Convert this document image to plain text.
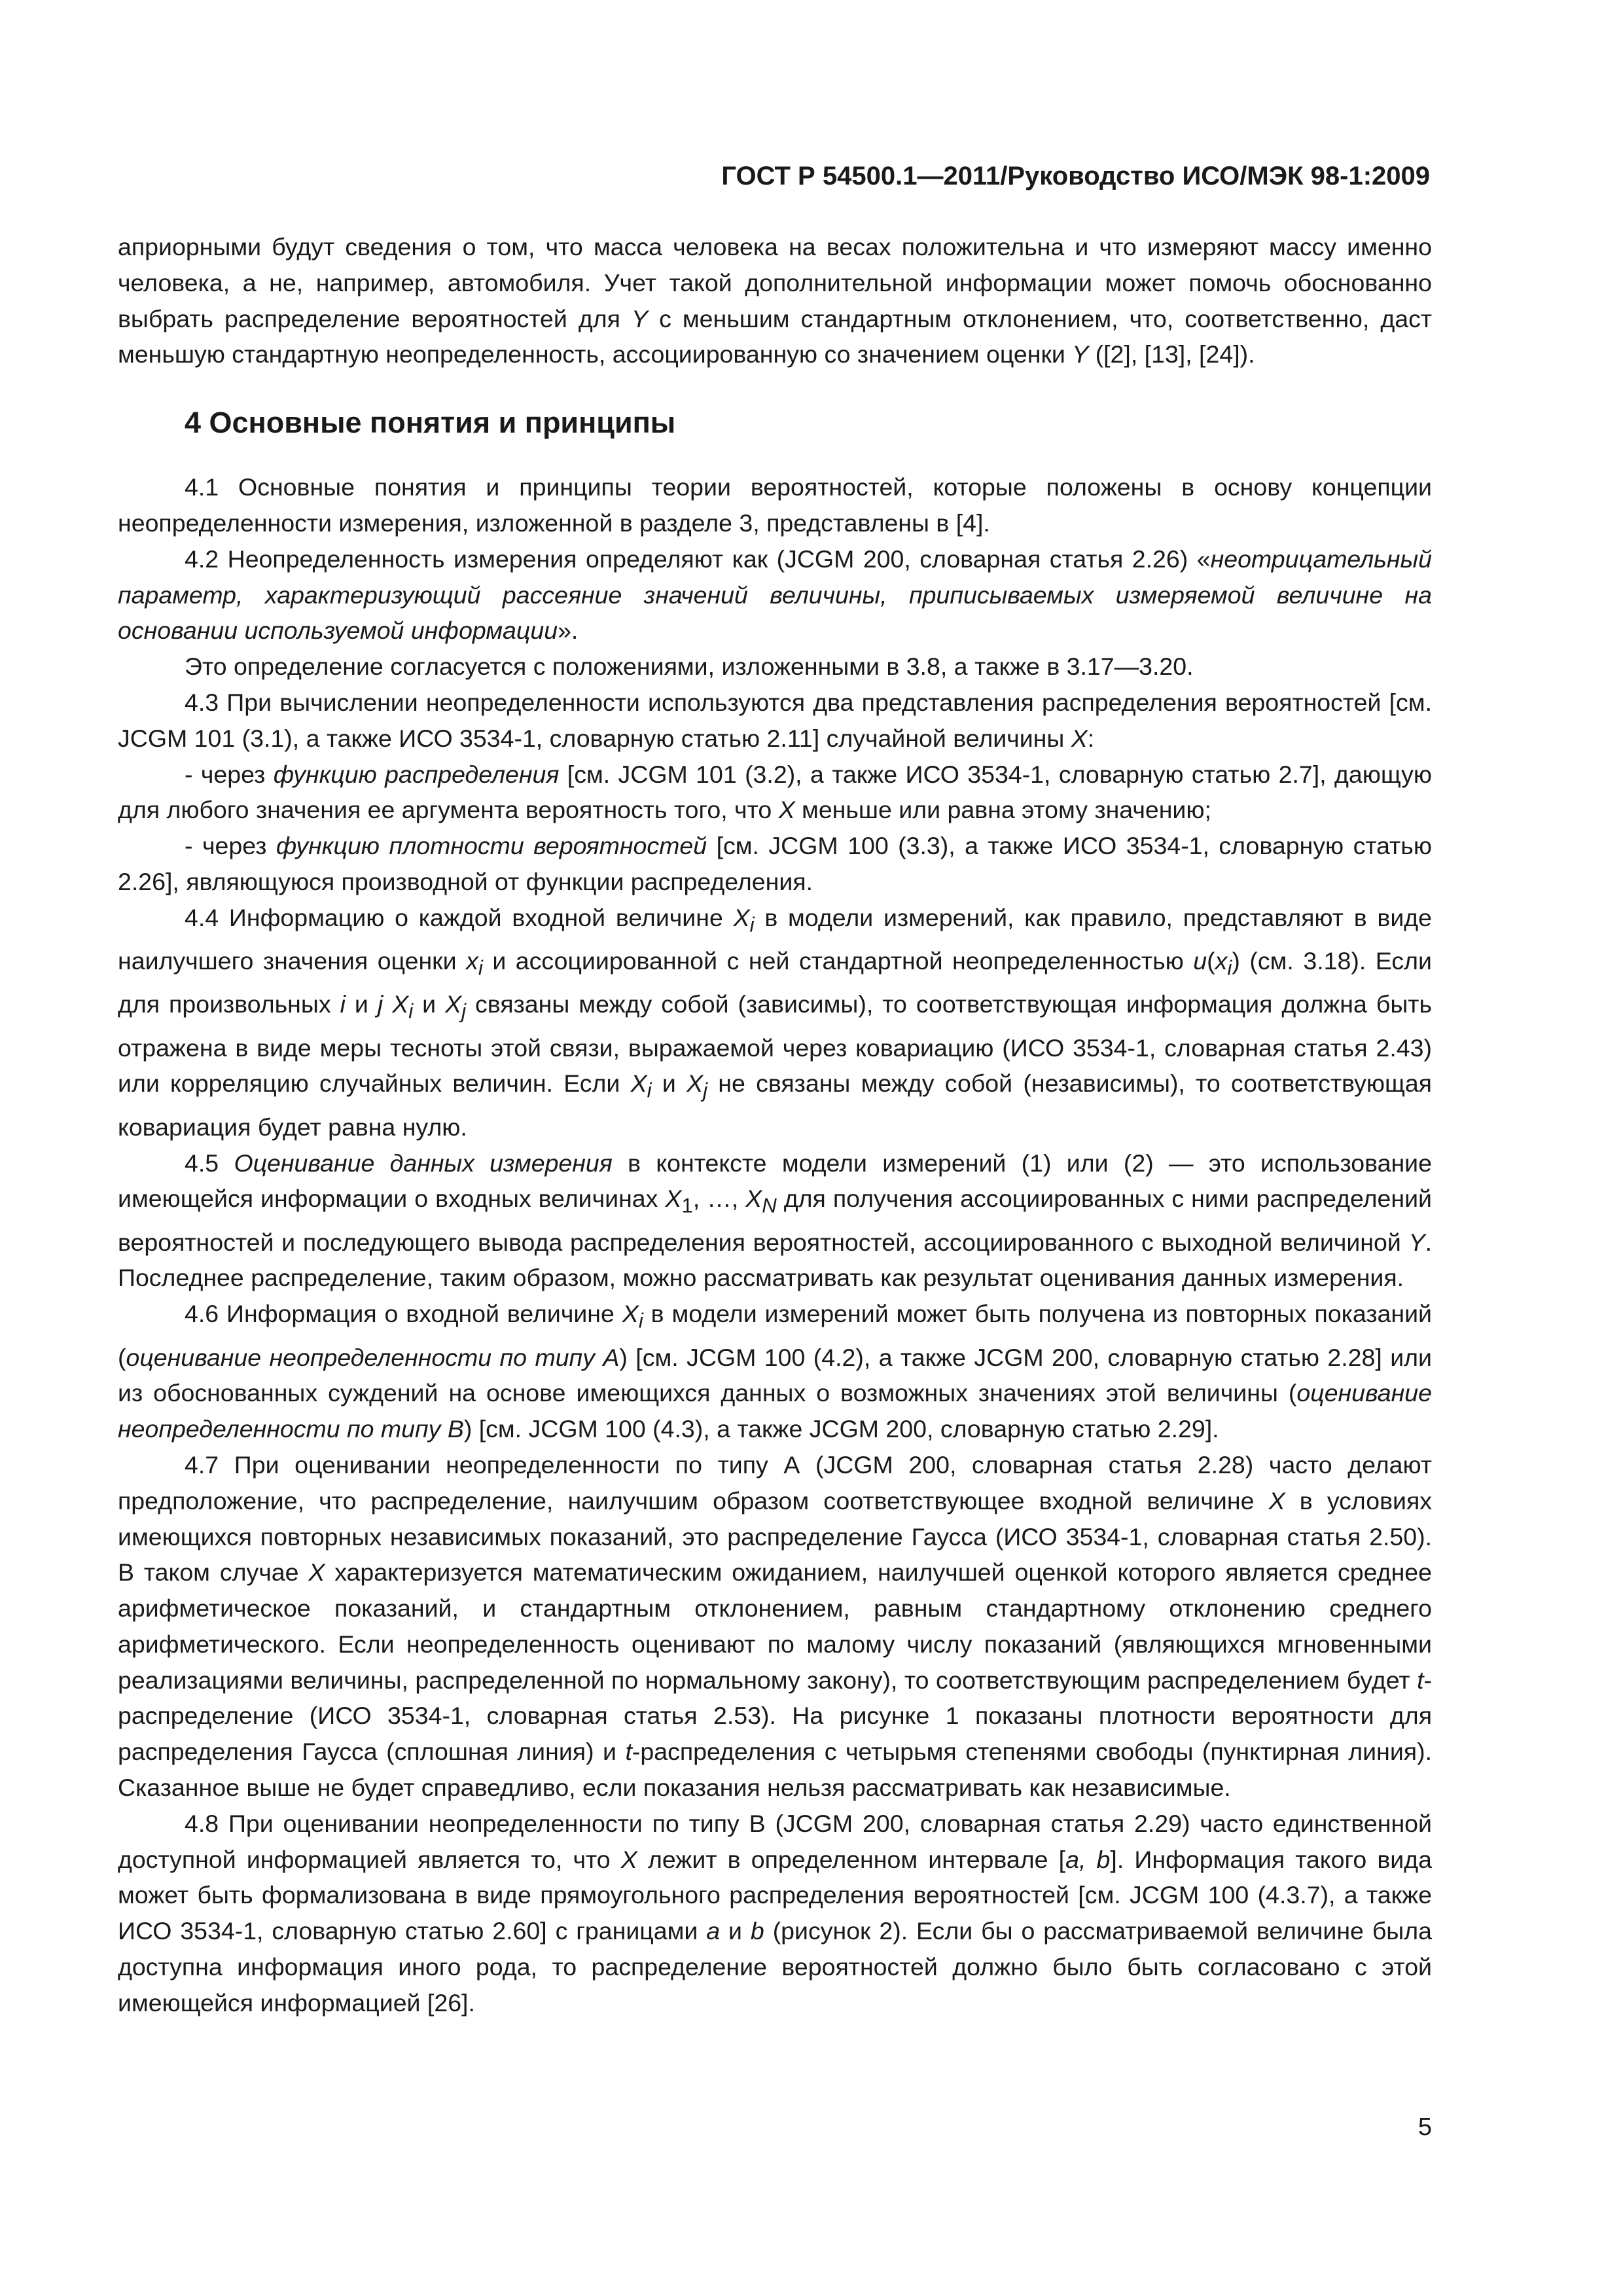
ГОСТ Р 54500.1—2011/Руководство ИСО/МЭК 98-1:2009

априорными будут сведения о том, что масса человека на весах положительна и что измеряют массу именно человека, а не, например, автомобиля. Учет такой дополнительной информации может помочь обоснованно выбрать распределение вероятностей для Y с меньшим стандартным отклонением, что, соответственно, даст меньшую стандартную неопределенность, ассоциированную со значением оценки Y ([2], [13], [24]).

4 Основные понятия и принципы

4.1 Основные понятия и принципы теории вероятностей, которые положены в основу концепции неопределенности измерения, изложенной в разделе 3, представлены в [4].

4.2 Неопределенность измерения определяют как (JCGM 200, словарная статья 2.26) «неотрицательный параметр, характеризующий рассеяние значений величины, приписываемых измеряемой величине на основании используемой информации».

Это определение согласуется с положениями, изложенными в 3.8, а также в 3.17—3.20.

4.3 При вычислении неопределенности используются два представления распределения вероятностей [см. JCGM 101 (3.1), а также ИСО 3534-1, словарную статью 2.11] случайной величины X:

- через функцию распределения [см. JCGM 101 (3.2), а также ИСО 3534-1, словарную статью 2.7], дающую для любого значения ее аргумента вероятность того, что X меньше или равна этому значению;

- через функцию плотности вероятностей [см. JCGM 100 (3.3), а также ИСО 3534-1, словарную статью 2.26], являющуюся производной от функции распределения.

4.4 Информацию о каждой входной величине $X_i$ в модели измерений, как правило, представляют в виде наилучшего значения оценки $x_i$ и ассоциированной с ней стандартной неопределенностью $u(x_i)$ (см. 3.18). Если для произвольных i и j $X_i$ и $X_j$ связаны между собой (зависимы), то соответствующая информация должна быть отражена в виде меры тесноты этой связи, выражаемой через ковариацию (ИСО 3534-1, словарная статья 2.43) или корреляцию случайных величин. Если $X_i$ и $X_j$ не связаны между собой (независимы), то соответствующая ковариация будет равна нулю.

4.5 Оценивание данных измерения в контексте модели измерений (1) или (2) — это использование имеющейся информации о входных величинах $X_1$, …, $X_N$ для получения ассоциированных с ними распределений вероятностей и последующего вывода распределения вероятностей, ассоциированного с выходной величиной Y. Последнее распределение, таким образом, можно рассматривать как результат оценивания данных измерения.

4.6 Информация о входной величине $X_i$ в модели измерений может быть получена из повторных показаний (оценивание неопределенности по типу А) [см. JCGM 100 (4.2), а также JCGM 200, словарную статью 2.28] или из обоснованных суждений на основе имеющихся данных о возможных значениях этой величины (оценивание неопределенности по типу В) [см. JCGM 100 (4.3), а также JCGM 200, словарную статью 2.29].

4.7 При оценивании неопределенности по типу А (JCGM 200, словарная статья 2.28) часто делают предположение, что распределение, наилучшим образом соответствующее входной величине X в условиях имеющихся повторных независимых показаний, это распределение Гаусса (ИСО 3534-1, словарная статья 2.50). В таком случае X характеризуется математическим ожиданием, наилучшей оценкой которого является среднее арифметическое показаний, и стандартным отклонением, равным стандартному отклонению среднего арифметического. Если неопределенность оценивают по малому числу показаний (являющихся мгновенными реализациями величины, распределенной по нормальному закону), то соответствующим распределением будет t-распределение (ИСО 3534-1, словарная статья 2.53). На рисунке 1 показаны плотности вероятности для распределения Гаусса (сплошная линия) и t-распределения с четырьмя степенями свободы (пунктирная линия). Сказанное выше не будет справедливо, если показания нельзя рассматривать как независимые.

4.8 При оценивании неопределенности по типу В (JCGM 200, словарная статья 2.29) часто единственной доступной информацией является то, что X лежит в определенном интервале [a, b]. Информация такого вида может быть формализована в виде прямоугольного распределения вероятностей [см. JCGM 100 (4.3.7), а также ИСО 3534-1, словарную статью 2.60] с границами a и b (рисунок 2). Если бы о рассматриваемой величине была доступна информация иного рода, то распределение вероятностей должно было быть согласовано с этой имеющейся информацией [26].

5
